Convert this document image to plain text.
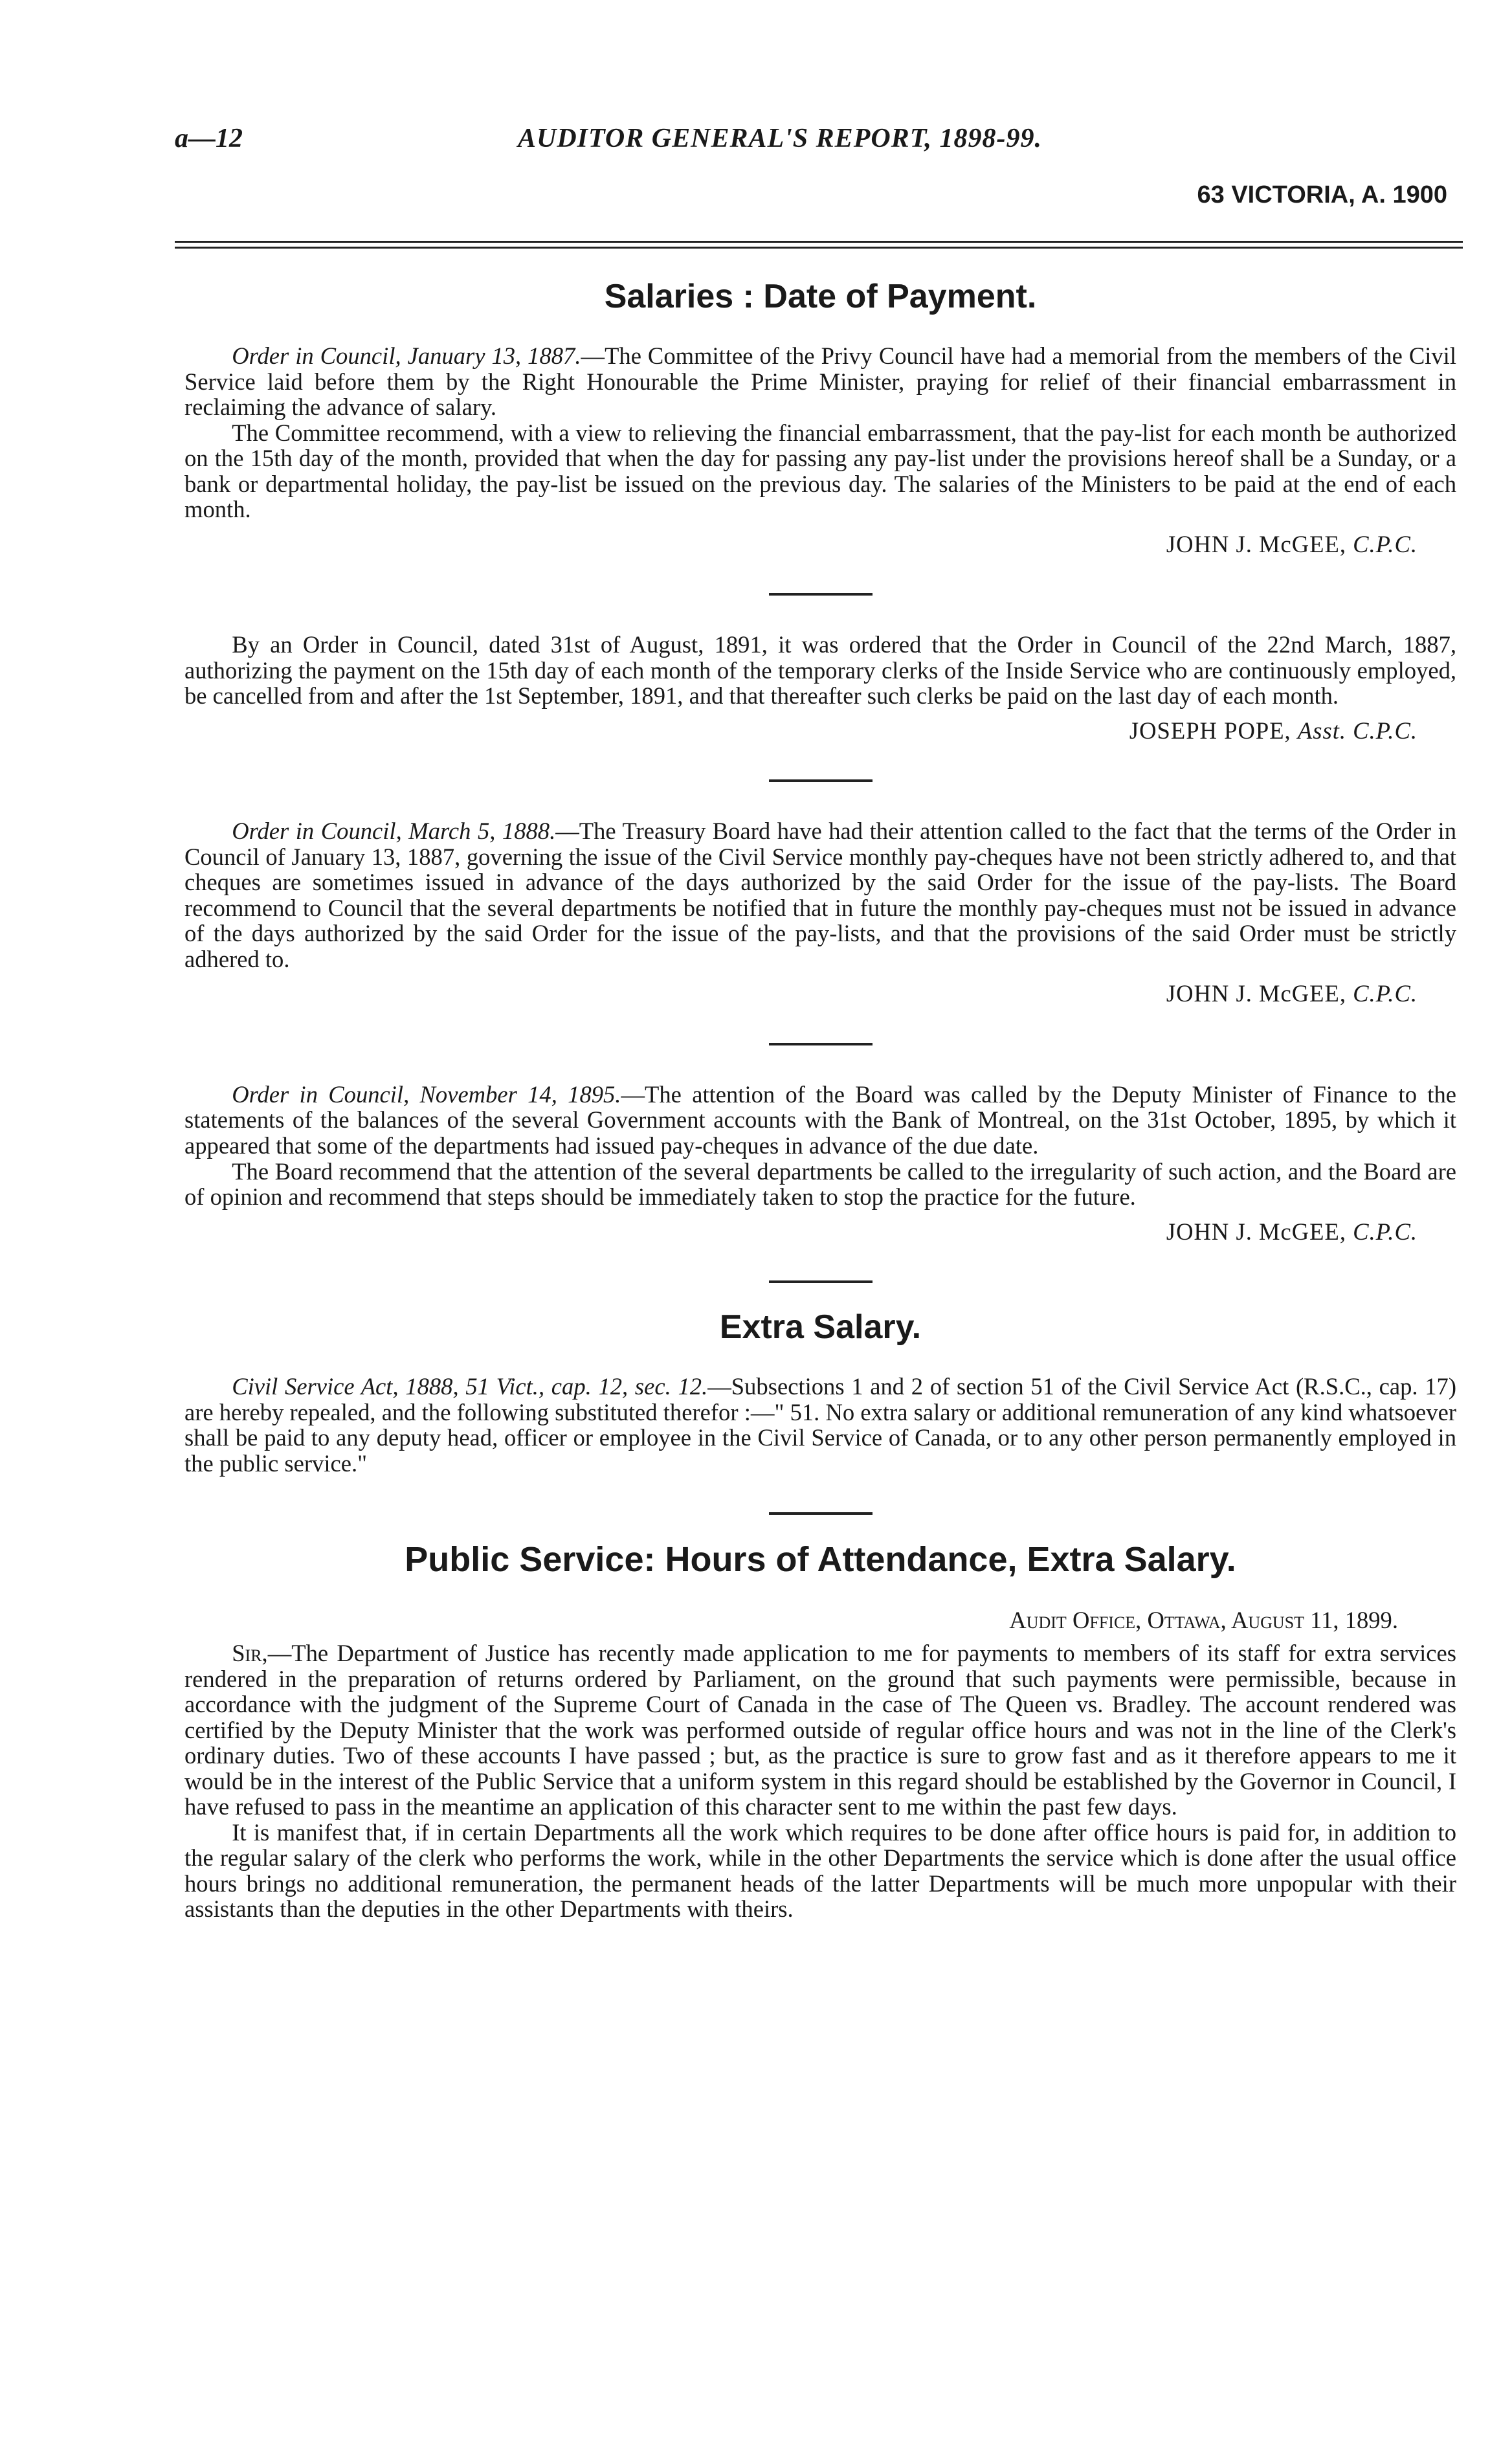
a—12	AUDITOR GENERAL'S REPORT, 1898-99.
63 VICTORIA, A. 1900
Salaries : Date of Payment.

Order in Council, January 13, 1887.—The Committee of the Privy Council have had a memorial from the members of the Civil Service laid before them by the Right Honourable the Prime Minister, praying for relief of their financial embarrassment in reclaiming the advance of salary.

The Committee recommend, with a view to relieving the financial embarrassment, that the pay-list for each month be authorized on the 15th day of the month, provided that when the day for passing any pay-list under the provisions hereof shall be a Sunday, or a bank or departmental holiday, the pay-list be issued on the previous day. The salaries of the Ministers to be paid at the end of each month.

JOHN J. McGEE, C.P.C.

By an Order in Council, dated 31st of August, 1891, it was ordered that the Order in Council of the 22nd March, 1887, authorizing the payment on the 15th day of each month of the temporary clerks of the Inside Service who are continuously employed, be cancelled from and after the 1st September, 1891, and that thereafter such clerks be paid on the last day of each month.

JOSEPH POPE, Asst. C.P.C.

Order in Council, March 5, 1888.—The Treasury Board have had their attention called to the fact that the terms of the Order in Council of January 13, 1887, governing the issue of the Civil Service monthly pay-cheques have not been strictly adhered to, and that cheques are sometimes issued in advance of the days authorized by the said Order for the issue of the pay-lists. The Board recommend to Council that the several departments be notified that in future the monthly pay-cheques must not be issued in advance of the days authorized by the said Order for the issue of the pay-lists, and that the provisions of the said Order must be strictly adhered to.

JOHN J. McGEE, C.P.C.

Order in Council, November 14, 1895.—The attention of the Board was called by the Deputy Minister of Finance to the statements of the balances of the several Government accounts with the Bank of Montreal, on the 31st October, 1895, by which it appeared that some of the departments had issued pay-cheques in advance of the due date.

The Board recommend that the attention of the several departments be called to the irregularity of such action, and the Board are of opinion and recommend that steps should be immediately taken to stop the practice for the future.

JOHN J. McGEE, C.P.C.

Extra Salary.

Civil Service Act, 1888, 51 Vict., cap. 12, sec. 12.—Subsections 1 and 2 of section 51 of the Civil Service Act (R.S.C., cap. 17) are hereby repealed, and the following substituted therefor :—" 51. No extra salary or additional remuneration of any kind whatsoever shall be paid to any deputy head, officer or employee in the Civil Service of Canada, or to any other person permanently employed in the public service."

Public Service: Hours of Attendance, Extra Salary.

Audit Office, Ottawa, August 11, 1899.

Sir,—The Department of Justice has recently made application to me for payments to members of its staff for extra services rendered in the preparation of returns ordered by Parliament, on the ground that such payments were permissible, because in accordance with the judgment of the Supreme Court of Canada in the case of The Queen vs. Bradley. The account rendered was certified by the Deputy Minister that the work was performed outside of regular office hours and was not in the line of the Clerk's ordinary duties. Two of these accounts I have passed ; but, as the practice is sure to grow fast and as it therefore appears to me it would be in the interest of the Public Service that a uniform system in this regard should be established by the Governor in Council, I have refused to pass in the meantime an application of this character sent to me within the past few days.

It is manifest that, if in certain Departments all the work which requires to be done after office hours is paid for, in addition to the regular salary of the clerk who performs the work, while in the other Departments the service which is done after the usual office hours brings no additional remuneration, the permanent heads of the latter Departments will be much more unpopular with their assistants than the deputies in the other Departments with theirs.
